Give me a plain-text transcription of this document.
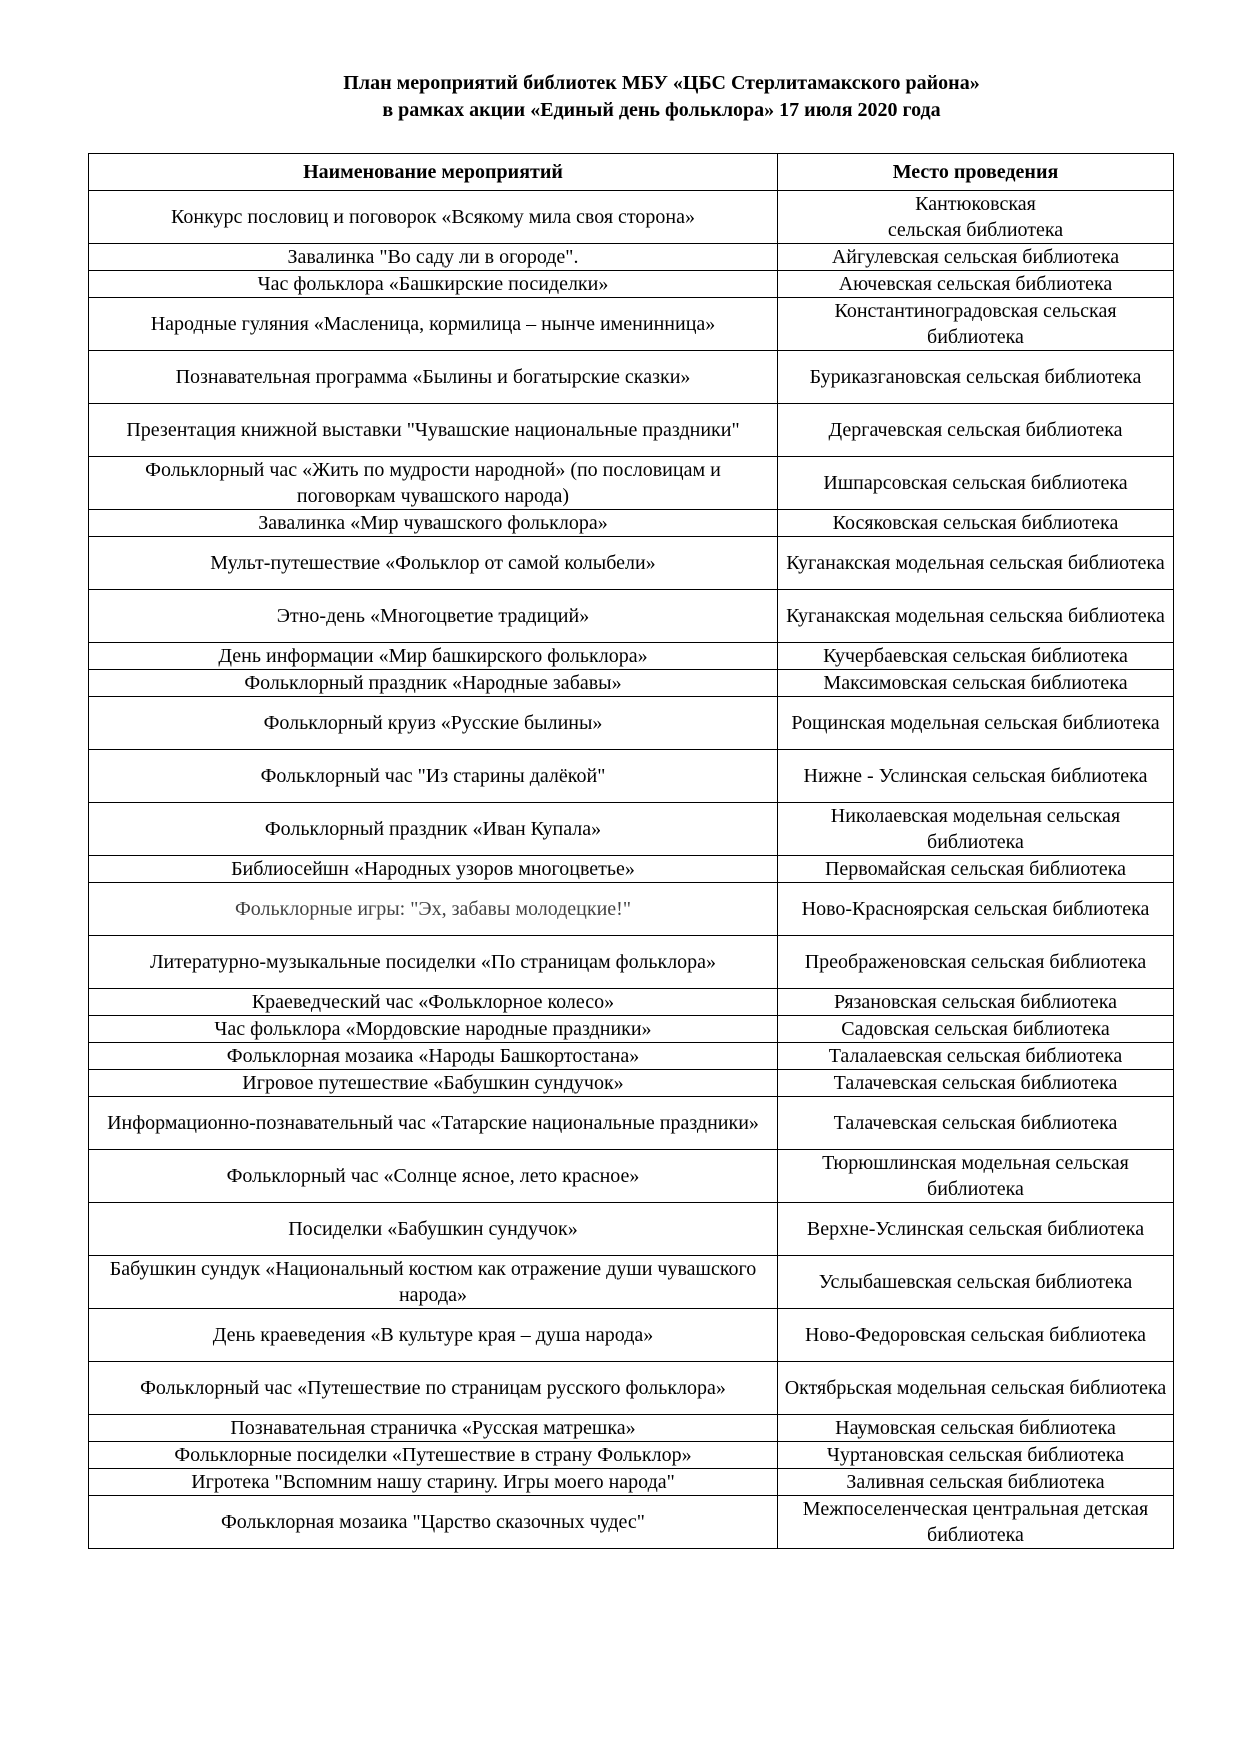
План мероприятий библиотек МБУ «ЦБС Стерлитамакского района»
в рамках акции «Единый день фольклора» 17 июля 2020 года
Наименование мероприятий	Место проведения
Конкурс пословиц и поговорок «Всякому мила своя сторона»	Кантюковская
сельская библиотека
Завалинка "Во саду ли в огороде".	Айгулевская сельская библиотека
Час фольклора «Башкирские посиделки»	Аючевская сельская библиотека
Народные гуляния «Масленица, кормилица – нынче именинница»	Константиноградовская сельская библиотека
Познавательная программа «Былины и богатырские сказки»	Буриказгановская сельская библиотека
Презентация книжной выставки "Чувашские национальные праздники"	Дергачевская сельская библиотека
Фольклорный час «Жить по мудрости народной» (по пословицам и поговоркам чувашского народа)	Ишпарсовская сельская библиотека
Завалинка «Мир чувашского фольклора»	Косяковская сельская библиотека
Мульт-путешествие «Фольклор от самой колыбели»	Куганакская модельная сельская библиотека
Этно-день «Многоцветие традиций»	Куганакская модельная сельскяа библиотека
День информации «Мир башкирского фольклора»	Кучербаевская сельская библиотека
Фольклорный праздник «Народные забавы»	Максимовская сельская библиотека
Фольклорный круиз «Русские былины»	Рощинская модельная сельская библиотека
Фольклорный час "Из старины далёкой"	Нижне - Услинская сельская библиотека
Фольклорный праздник «Иван Купала»	Николаевская модельная сельская библиотека
Библиосейшн «Народных узоров многоцветье»	Первомайская сельская библиотека
Фольклорные игры: "Эх, забавы молодецкие!"	Ново-Красноярская сельская библиотека
Литературно-музыкальные посиделки «По страницам фольклора»	Преображеновская сельская библиотека
Краеведческий час «Фольклорное колесо»	Рязановская сельская библиотека
Час фольклора «Мордовские народные праздники»	Садовская сельская библиотека
Фольклорная мозаика «Народы Башкортостана»	Талалаевская сельская библиотека
Игровое путешествие «Бабушкин сундучок»	Талачевская сельская библиотека
Информационно-познавательный час «Татарские национальные праздники»	Талачевская сельская библиотека
Фольклорный час «Солнце ясное, лето красное»	Тюрюшлинская модельная сельская библиотека
Посиделки «Бабушкин сундучок»	Верхне-Услинская сельская библиотека
Бабушкин сундук «Национальный костюм как отражение души чувашского народа»	Услыбашевская сельская библиотека
День краеведения «В культуре края – душа народа»	Ново-Федоровская сельская библиотека
Фольклорный час «Путешествие по страницам русского фольклора»	Октябрьская модельная сельская библиотека
Познавательная страничка «Русская матрешка»	Наумовская сельская библиотека
Фольклорные посиделки «Путешествие в страну Фольклор»	Чуртановская сельская библиотека
Игротека "Вспомним нашу старину. Игры моего народа"	Заливная сельская библиотека
Фольклорная мозаика "Царство сказочных чудес"	Межпоселенческая центральная детская библиотека
